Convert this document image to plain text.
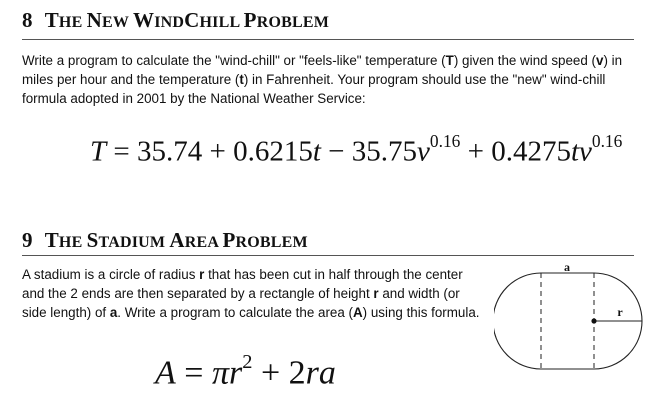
8 THE NEW WINDCHILL PROBLEM
Write a program to calculate the "wind-chill" or "feels-like" temperature (T) given the wind speed (v) in miles per hour and the temperature (t) in Fahrenheit. Your program should use the "new" wind-chill formula adopted in 2001 by the National Weather Service:
$T = 35.74 + 0.6215t - 35.75v^{0.16} + 0.4275tv^{0.16}$
9 THE STADIUM AREA PROBLEM
A stadium is a circle of radius r that has been cut in half through the center and the 2 ends are then separated by a rectangle of height r and width (or side length) of a. Write a program to calculate the area (A) using this formula.
$A = \pi r^2 + 2ra$
a
r
